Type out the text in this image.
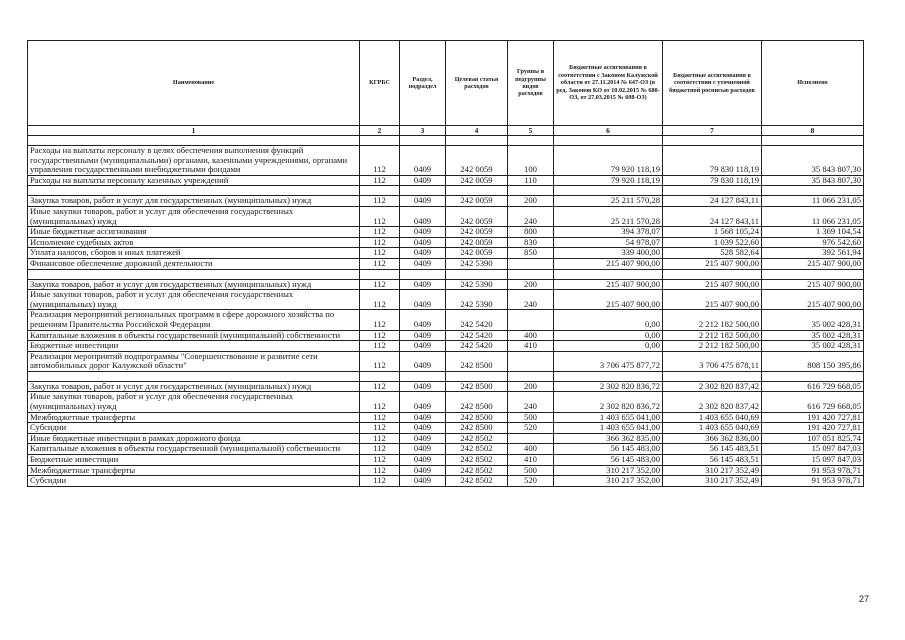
Наименование	КГРБС	Раздел, подраздел	Целевая статья расходов	Группы и подгруппы видов расходов	Бюджетные ассигнования в соответствии с Законом Калужской области от 27.11.2014 № 647-ОЗ (в ред. Законов КО от 10.02.2015 № 680-ОЗ, от 27.03.2015 № 698-ОЗ)	Бюджетные ассигнования в соответствии с уточненной бюджетной росписью расходов	Исполнено
1	2	3	4	5	6	7	8

Расходы на выплаты персоналу в целях обеспечения выполнения функций государственными (муниципальными) органами, казенными учреждениями, органами управления государственными внебюджетными фондами	112	0409	242 0059	100	79 920 118,19	79 830 118,19	35 843 807,30
Расходы на выплаты персоналу казенных учреждений	112	0409	242 0059	110	79 920 118,19	79 830 118,19	35 843 807,30

Закупка товаров, работ и услуг для государственных (муниципальных) нужд	112	0409	242 0059	200	25 211 570,28	24 127 843,11	11 066 231,05
Иные закупки товаров, работ и услуг для обеспечения государственных (муниципальных) нужд	112	0409	242 0059	240	25 211 570,28	24 127 843,11	11 066 231,05
Иные бюджетные ассигнования	112	0409	242 0059	800	394 378,07	1 568 105,24	1 369 104,54
Исполнение судебных актов	112	0409	242 0059	830	54 978,07	1 039 522,60	976 542,60
Уплата налогов, сборов и иных платежей	112	0409	242 0059	850	339 400,00	528 582,64	392 561,94
Финансовое обеспечение дорожной деятельности	112	0409	242 5390		215 407 900,00	215 407 900,00	215 407 900,00

Закупка товаров, работ и услуг для государственных (муниципальных) нужд	112	0409	242 5390	200	215 407 900,00	215 407 900,00	215 407 900,00
Иные закупки товаров, работ и услуг для обеспечения государственных (муниципальных) нужд	112	0409	242 5390	240	215 407 900,00	215 407 900,00	215 407 900,00
Реализация мероприятий региональных программ в сфере дорожного хозяйства по решениям Правительства Российской Федерации	112	0409	242 5420		0,00	2 212 182 500,00	35 002 428,31
Капитальные вложения в объекты государственной (муниципальной) собственности	112	0409	242 5420	400	0,00	2 212 182 500,00	35 002 428,31
Бюджетные инвестиции	112	0409	242 5420	410	0,00	2 212 182 500,00	35 002 428,31
Реализация мероприятий подпрограммы "Совершенствование и развитие сети автомобильных дорог Калужской области"	112	0409	242 8500		3 706 475 877,72	3 706 475 878,11	808 150 395,86

Закупка товаров, работ и услуг для государственных (муниципальных) нужд	112	0409	242 8500	200	2 302 820 836,72	2 302 820 837,42	616 729 668,05
Иные закупки товаров, работ и услуг для обеспечения государственных (муниципальных) нужд	112	0409	242 8500	240	2 302 820 836,72	2 302 820 837,42	616 729 668,05
Межбюджетные трансферты	112	0409	242 8500	500	1 403 655 041,00	1 403 655 040,69	191 420 727,81
Субсидии	112	0409	242 8500	520	1 403 655 041,00	1 403 655 040,69	191 420 727,81
Иные бюджетные инвестиции в рамках дорожного фонда	112	0409	242 8502		366 362 835,00	366 362 836,00	107 051 825,74
Капитальные вложения в объекты государственной (муниципальной) собственности	112	0409	242 8502	400	56 145 483,00	56 145 483,51	15 097 847,03
Бюджетные инвестиции	112	0409	242 8502	410	56 145 483,00	56 145 483,51	15 097 847,03
Межбюджетные трансферты	112	0409	242 8502	500	310 217 352,00	310 217 352,49	91 953 978,71
Субсидии	112	0409	242 8502	520	310 217 352,00	310 217 352,49	91 953 978,71
27
